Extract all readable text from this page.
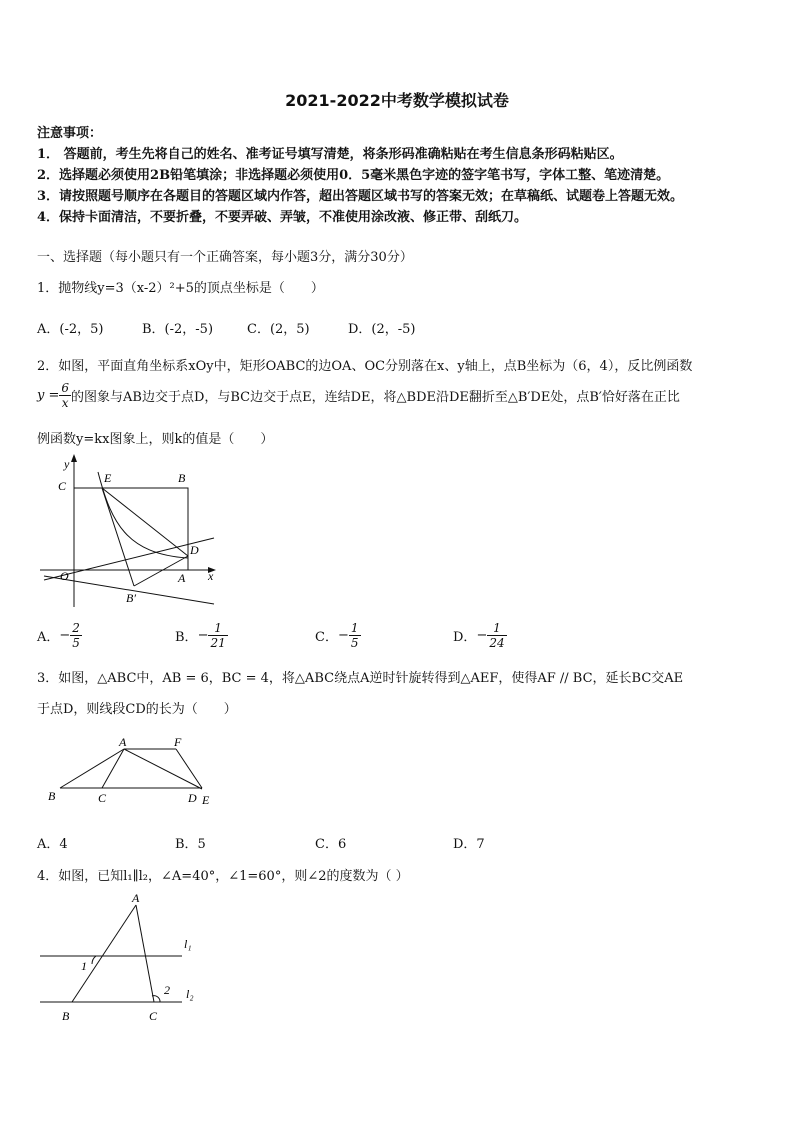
2021-2022中考数学模拟试卷
注意事项：
1． 答题前，考生先将自己的姓名、准考证号填写清楚，将条形码准确粘贴在考生信息条形码粘贴区。
2．选择题必须使用2B铅笔填涂；非选择题必须使用0．5毫米黑色字迹的签字笔书写，字体工整、笔迹清楚。
3．请按照题号顺序在各题目的答题区域内作答，超出答题区域书写的答案无效；在草稿纸、试题卷上答题无效。
4．保持卡面清洁，不要折叠，不要弄破、弄皱，不准使用涂改液、修正带、刮纸刀。
一、选择题（每小题只有一个正确答案，每小题3分，满分30分）
1．抛物线y=3（x-2）²+5的顶点坐标是（　　）
A．(-2，5)	B．(-2，-5)	C．(2，5)	D．(2，-5)
2．如图，平面直角坐标系xOy中，矩形OABC的边OA、OC分别落在x、y轴上，点B坐标为（6，4），反比例函数
$y = \frac{6}{x}$ 的图象与AB边交于点D，与BC边交于点E，连结DE，将△BDE沿DE翻折至△B′DE处，点B′恰好落在正比
例函数y=kx图象上，则k的值是（　　）
y
C
E	B
D
O	A x
B′
A． − $\frac{2}{5}$	B． − $\frac{1}{21}$	C． − $\frac{1}{5}$	D． − $\frac{1}{24}$
3．如图，△ABC中，AB = 6，BC = 4，将△ABC绕点A逆时针旋转得到△AEF，使得AF // BC，延长BC交AE
于点D，则线段CD的长为（　　）
A	F
B	C	D E
A．4	B．5	C．6	D．7
4．如图，已知l₁∥l₂，∠A=40°，∠1=60°，则∠2的度数为（ ）
A
l₁
1
2 l₂
B	C
